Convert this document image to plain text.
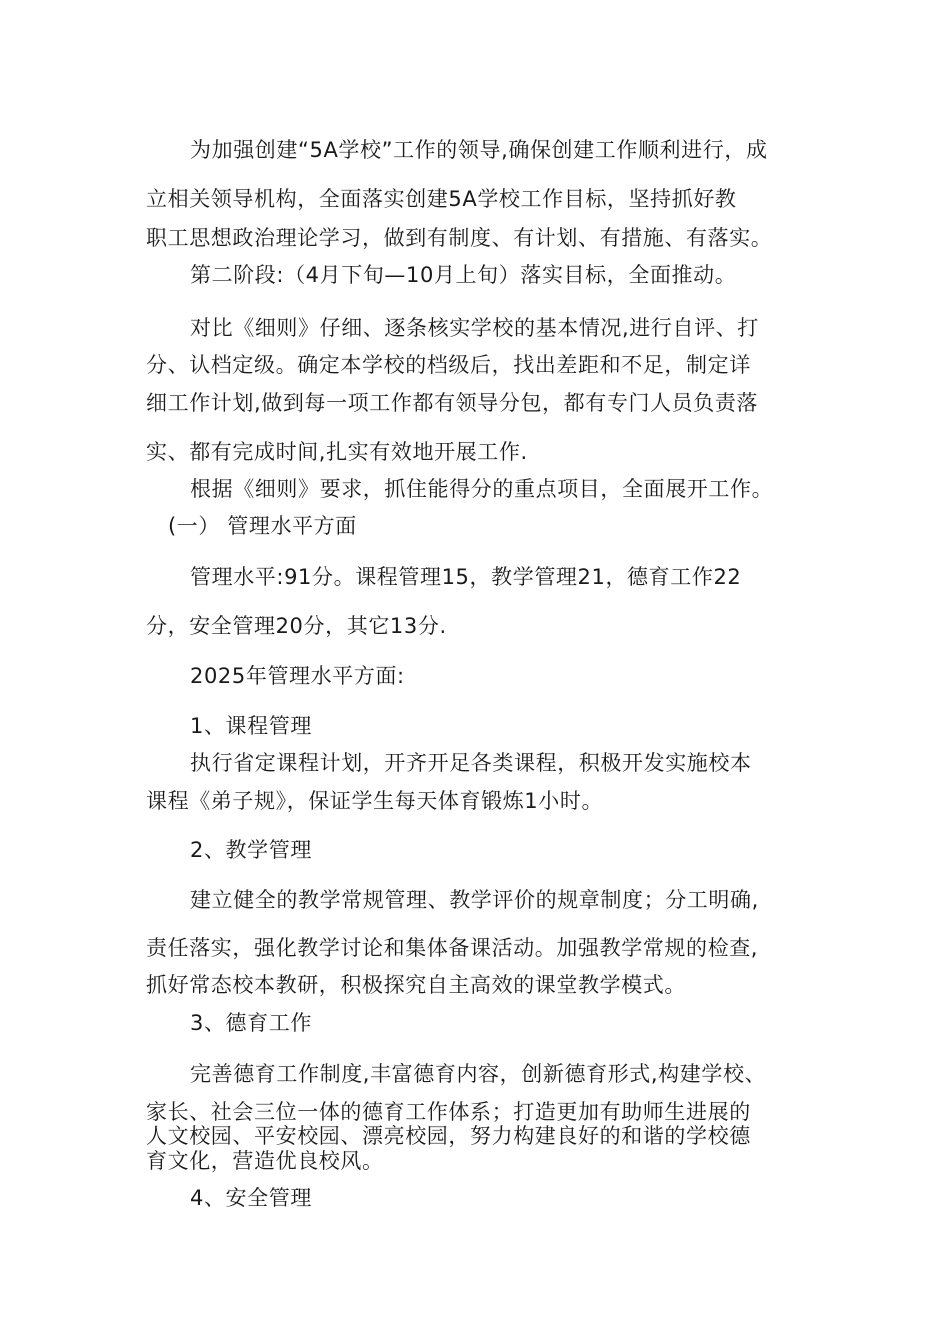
为加强创建“5A学校”工作的领导,确保创建工作顺利进行，成
立相关领导机构，全面落实创建5A学校工作目标，坚持抓好教
职工思想政治理论学习，做到有制度、有计划、有措施、有落实。
第二阶段:（4月下旬—10月上旬）落实目标，全面推动。
对比《细则》仔细、逐条核实学校的基本情况,进行自评、打
分、认档定级。确定本学校的档级后，找出差距和不足，制定详
细工作计划,做到每一项工作都有领导分包，都有专门人员负责落
实、都有完成时间,扎实有效地开展工作.
根据《细则》要求，抓住能得分的重点项目，全面展开工作。
(一） 管理水平方面
管理水平:91分。课程管理15，教学管理21，德育工作22
分，安全管理20分，其它13分.
2025年管理水平方面:
1、课程管理
执行省定课程计划，开齐开足各类课程，积极开发实施校本
课程《弟子规》，保证学生每天体育锻炼1小时。
2、教学管理
建立健全的教学常规管理、教学评价的规章制度；分工明确,
责任落实，强化教学讨论和集体备课活动。加强教学常规的检查,
抓好常态校本教研，积极探究自主高效的课堂教学模式。
3、德育工作
完善德育工作制度,丰富德育内容，创新德育形式,构建学校、
家长、社会三位一体的德育工作体系；打造更加有助师生进展的
人文校园、平安校园、漂亮校园，努力构建良好的和谐的学校德
育文化，营造优良校风。
4、安全管理
